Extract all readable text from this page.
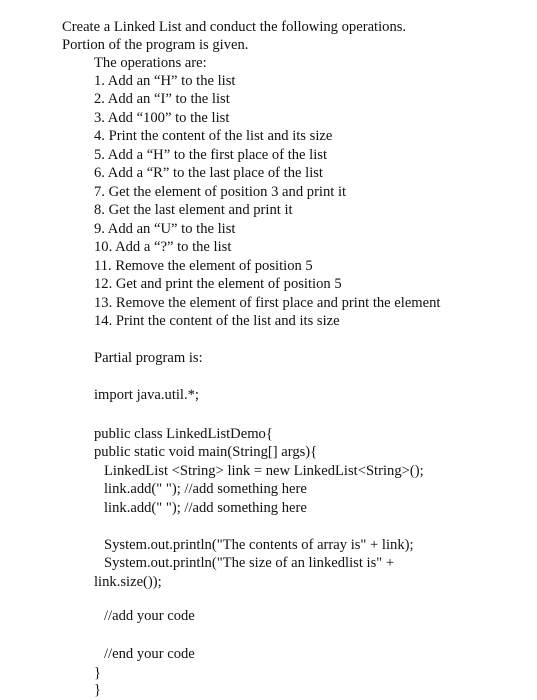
Create a Linked List and conduct the following operations.
Portion of the program is given.
The operations are:
1. Add an “H” to the list
2. Add an “I” to the list
3. Add “100” to the list
4. Print the content of the list and its size
5. Add a “H” to the first place of the list
6. Add a “R” to the last place of the list
7. Get the element of position 3 and print it
8. Get the last element and print it
9. Add an “U” to the list
10. Add a “?” to the list
11. Remove the element of position 5
12. Get and print the element of position 5
13. Remove the element of first place and print the element
14. Print the content of the list and its size
Partial program is:
import java.util.*;
public class LinkedListDemo{
public static void main(String[] args){
LinkedList <String> link = new LinkedList<String>();
link.add(" "); //add something here
link.add(" "); //add something here
System.out.println("The contents of array is" + link);
System.out.println("The size of an linkedlist is" +
link.size());
//add your code
//end your code
}
}
